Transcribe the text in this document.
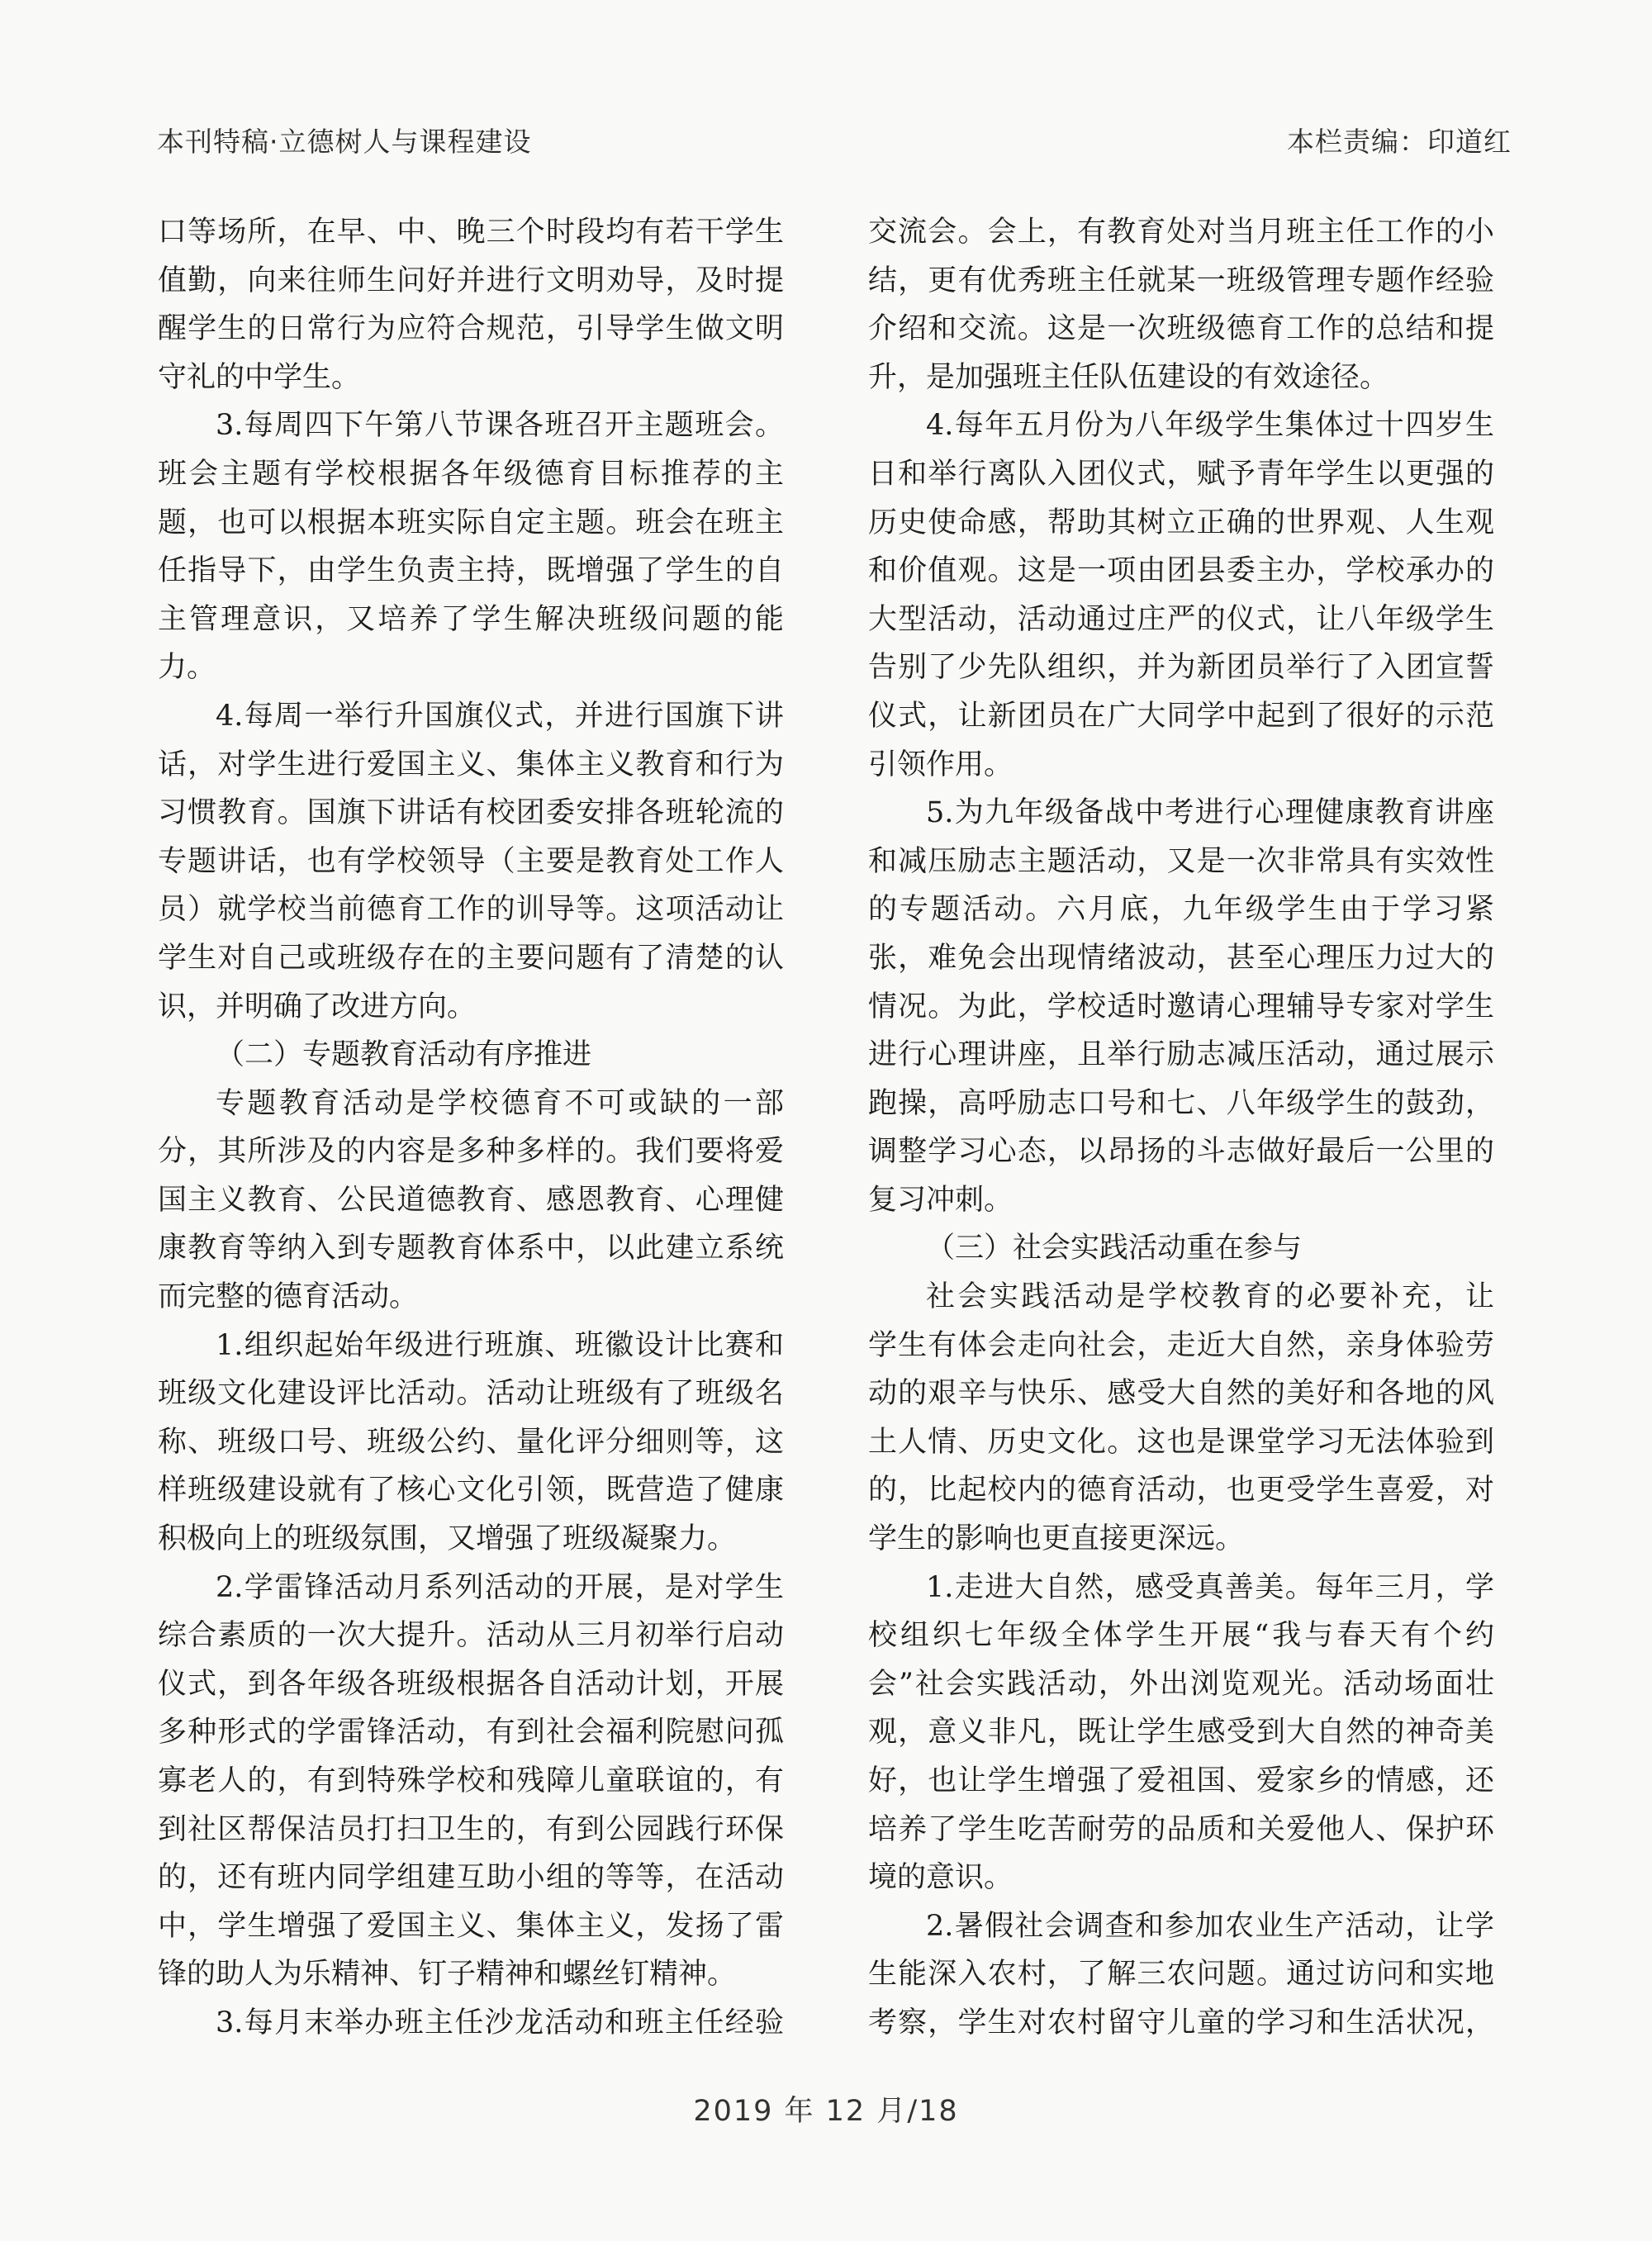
本刊特稿·立德树人与课程建设	本栏责编：印道红

口等场所，在早、中、晚三个时段均有若干学生

值勤，向来往师生问好并进行文明劝导，及时提

醒学生的日常行为应符合规范，引导学生做文明

守礼的中学生。

3.每周四下午第八节课各班召开主题班会。

班会主题有学校根据各年级德育目标推荐的主

题，也可以根据本班实际自定主题。班会在班主

任指导下，由学生负责主持，既增强了学生的自

主管理意识，又培养了学生解决班级问题的能

力。

4.每周一举行升国旗仪式，并进行国旗下讲

话，对学生进行爱国主义、集体主义教育和行为

习惯教育。国旗下讲话有校团委安排各班轮流的

专题讲话，也有学校领导（主要是教育处工作人

员）就学校当前德育工作的训导等。这项活动让

学生对自己或班级存在的主要问题有了清楚的认

识，并明确了改进方向。

（二）专题教育活动有序推进

专题教育活动是学校德育不可或缺的一部

分，其所涉及的内容是多种多样的。我们要将爱

国主义教育、公民道德教育、感恩教育、心理健

康教育等纳入到专题教育体系中，以此建立系统

而完整的德育活动。

1.组织起始年级进行班旗、班徽设计比赛和

班级文化建设评比活动。活动让班级有了班级名

称、班级口号、班级公约、量化评分细则等，这

样班级建设就有了核心文化引领，既营造了健康

积极向上的班级氛围，又增强了班级凝聚力。

2.学雷锋活动月系列活动的开展，是对学生

综合素质的一次大提升。活动从三月初举行启动

仪式，到各年级各班级根据各自活动计划，开展

多种形式的学雷锋活动，有到社会福利院慰问孤

寡老人的，有到特殊学校和残障儿童联谊的，有

到社区帮保洁员打扫卫生的，有到公园践行环保

的，还有班内同学组建互助小组的等等，在活动

中，学生增强了爱国主义、集体主义，发扬了雷

锋的助人为乐精神、钉子精神和螺丝钉精神。

3.每月末举办班主任沙龙活动和班主任经验

交流会。会上，有教育处对当月班主任工作的小

结，更有优秀班主任就某一班级管理专题作经验

介绍和交流。这是一次班级德育工作的总结和提

升，是加强班主任队伍建设的有效途径。

4.每年五月份为八年级学生集体过十四岁生

日和举行离队入团仪式，赋予青年学生以更强的

历史使命感，帮助其树立正确的世界观、人生观

和价值观。这是一项由团县委主办，学校承办的

大型活动，活动通过庄严的仪式，让八年级学生

告别了少先队组织，并为新团员举行了入团宣誓

仪式，让新团员在广大同学中起到了很好的示范

引领作用。

5.为九年级备战中考进行心理健康教育讲座

和减压励志主题活动，又是一次非常具有实效性

的专题活动。六月底，九年级学生由于学习紧

张，难免会出现情绪波动，甚至心理压力过大的

情况。为此，学校适时邀请心理辅导专家对学生

进行心理讲座，且举行励志减压活动，通过展示

跑操，高呼励志口号和七、八年级学生的鼓劲，

调整学习心态，以昂扬的斗志做好最后一公里的

复习冲刺。

（三）社会实践活动重在参与

社会实践活动是学校教育的必要补充，让

学生有体会走向社会，走近大自然，亲身体验劳

动的艰辛与快乐、感受大自然的美好和各地的风

土人情、历史文化。这也是课堂学习无法体验到

的，比起校内的德育活动，也更受学生喜爱，对

学生的影响也更直接更深远。

1.走进大自然，感受真善美。每年三月，学

校组织七年级全体学生开展“我与春天有个约

会”社会实践活动，外出浏览观光。活动场面壮

观，意义非凡，既让学生感受到大自然的神奇美

好，也让学生增强了爱祖国、爱家乡的情感，还

培养了学生吃苦耐劳的品质和关爱他人、保护环

境的意识。

2.暑假社会调查和参加农业生产活动，让学

生能深入农村，了解三农问题。通过访问和实地

考察，学生对农村留守儿童的学习和生活状况，

2019 年 12 月/18
